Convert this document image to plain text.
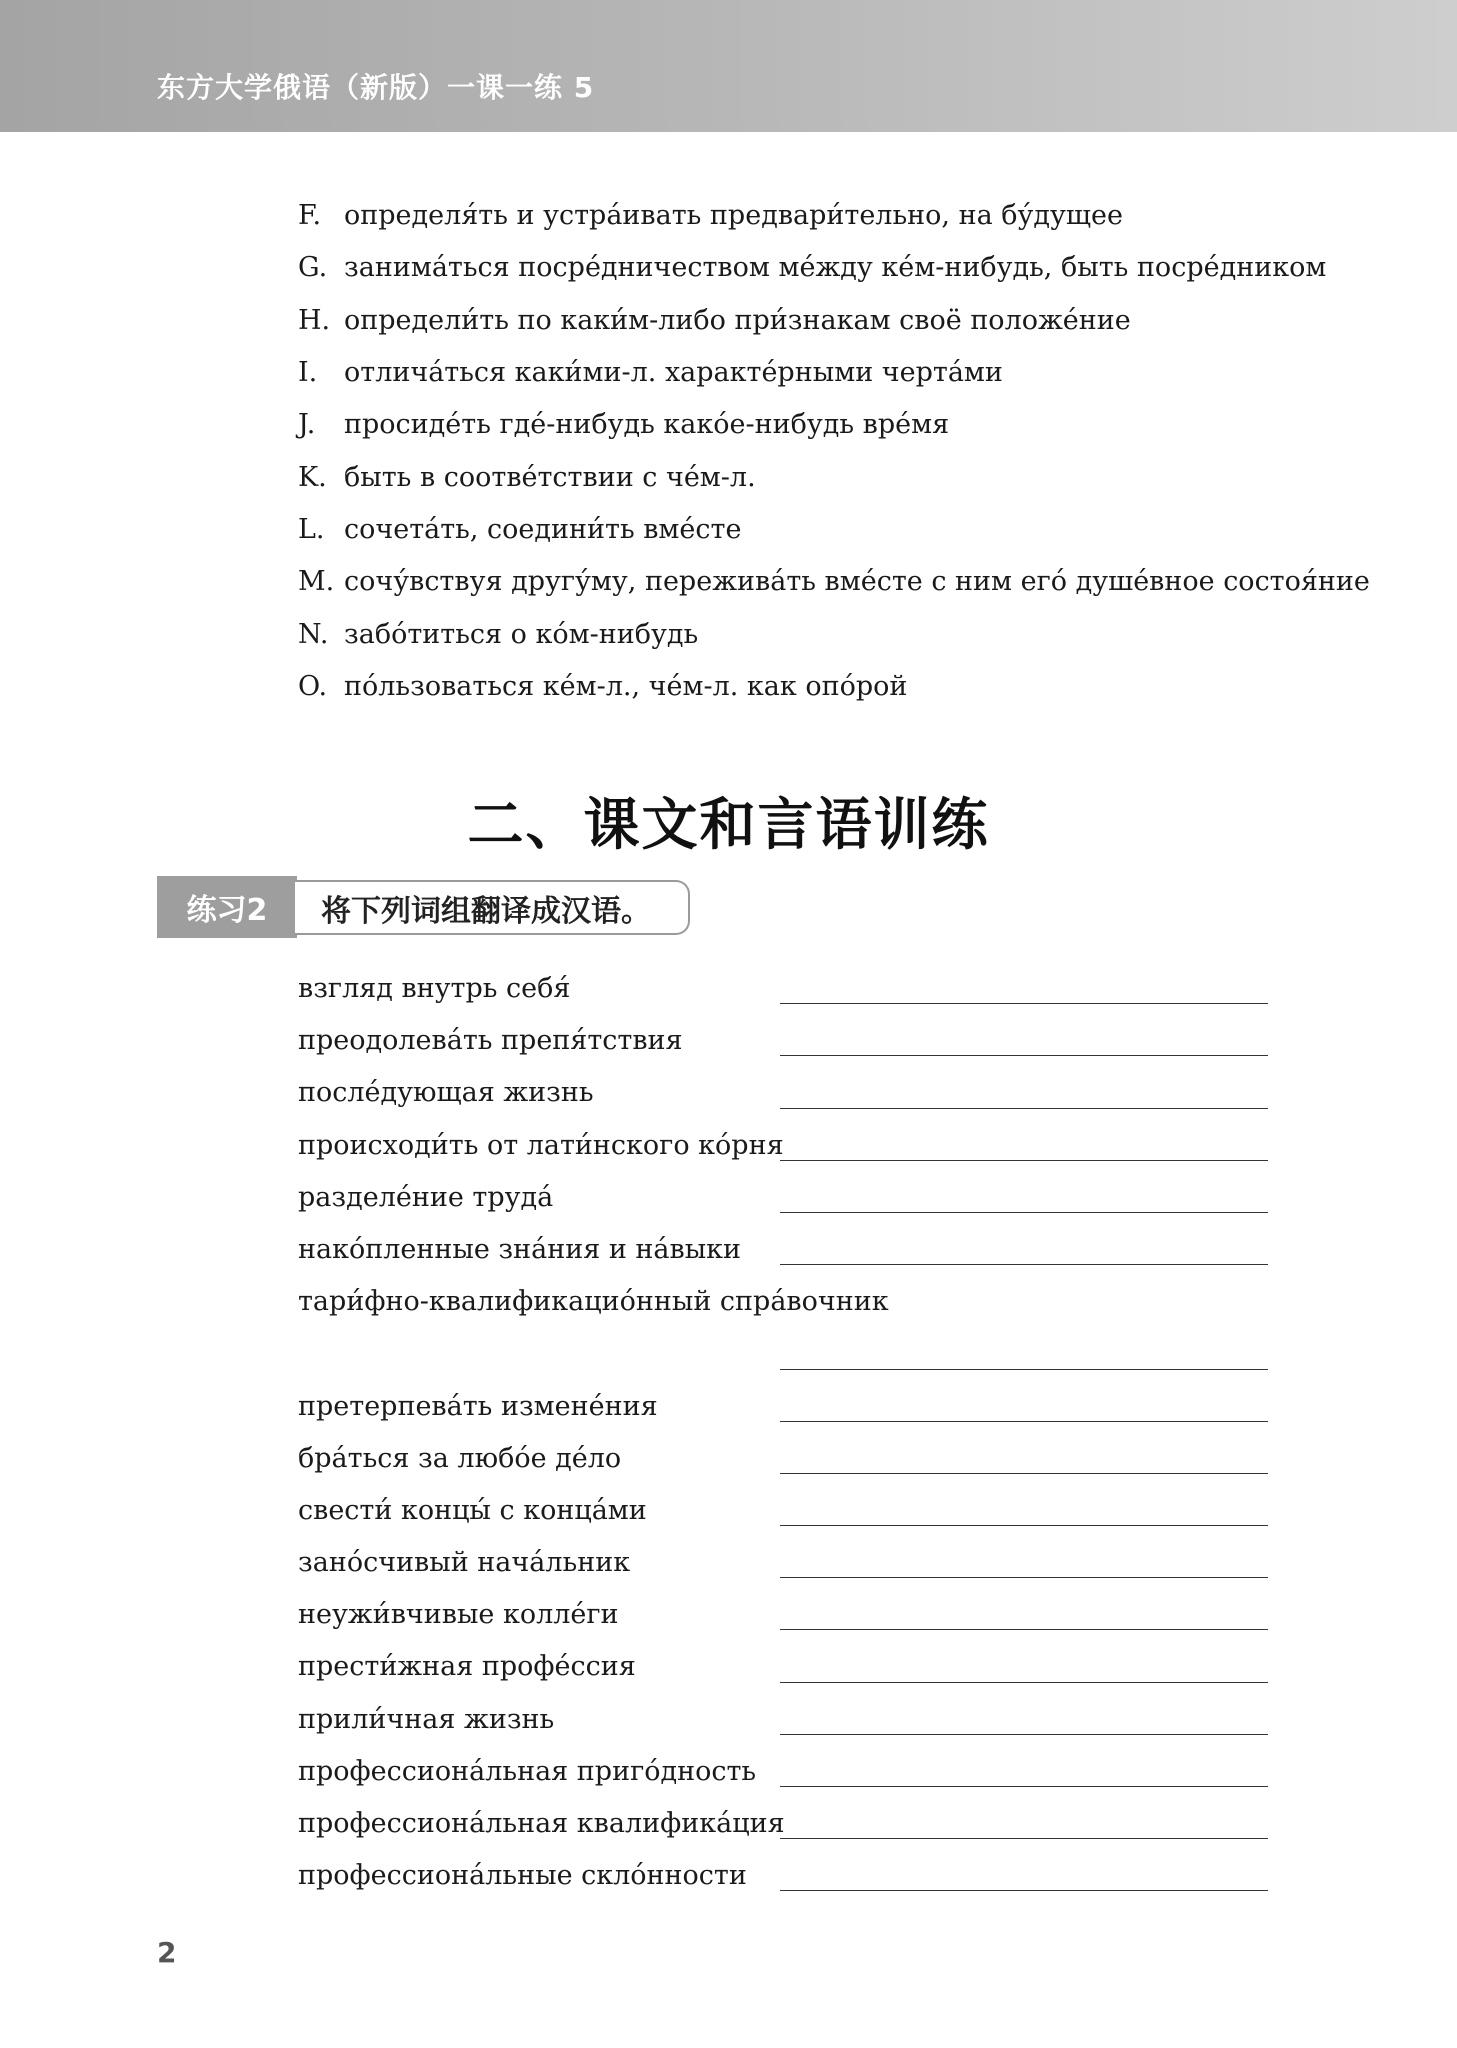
东方大学俄语（新版）一课一练 5
F. определя́ть и устра́ивать предвари́тельно, на бу́дущее
G. занима́ться посре́дничеством ме́жду ке́м-нибудь, быть посре́дником
H. определи́ть по каки́м-либо при́знакам своё положе́ние
I. отлича́ться каки́ми-л. характе́рными черта́ми
J.	просиде́ть где́-нибудь како́е-нибудь вре́мя
K. быть в соотве́тствии с че́м-л.
L. сочета́ть, соедини́ть вме́сте
M. сочу́вствуя другу́му, пережива́ть вме́сте с ним его́ душе́вное состоя́ние
N. забо́титься о ко́м-нибудь
O. по́льзоваться ке́м-л., че́м-л. как опо́рой
二、课文和言语训练
练习2	将下列词组翻译成汉语。
взгляд внутрь себя́
преодолева́ть препя́тствия
после́дующая жизнь
происходи́ть от лати́нского ко́рня
разделе́ние труда́
нако́пленные зна́ния и на́выки
тари́фно-квалификацио́нный спра́вочник
претерпева́ть измене́ния
бра́ться за любо́е де́ло
свести́ концы́ с конца́ми
зано́счивый нача́льник
неужи́вчивые колле́ги
прести́жная профе́ссия
прили́чная жизнь
профессиона́льная приго́дность
профессиона́льная квалифика́ция
профессиона́льные скло́нности
2
